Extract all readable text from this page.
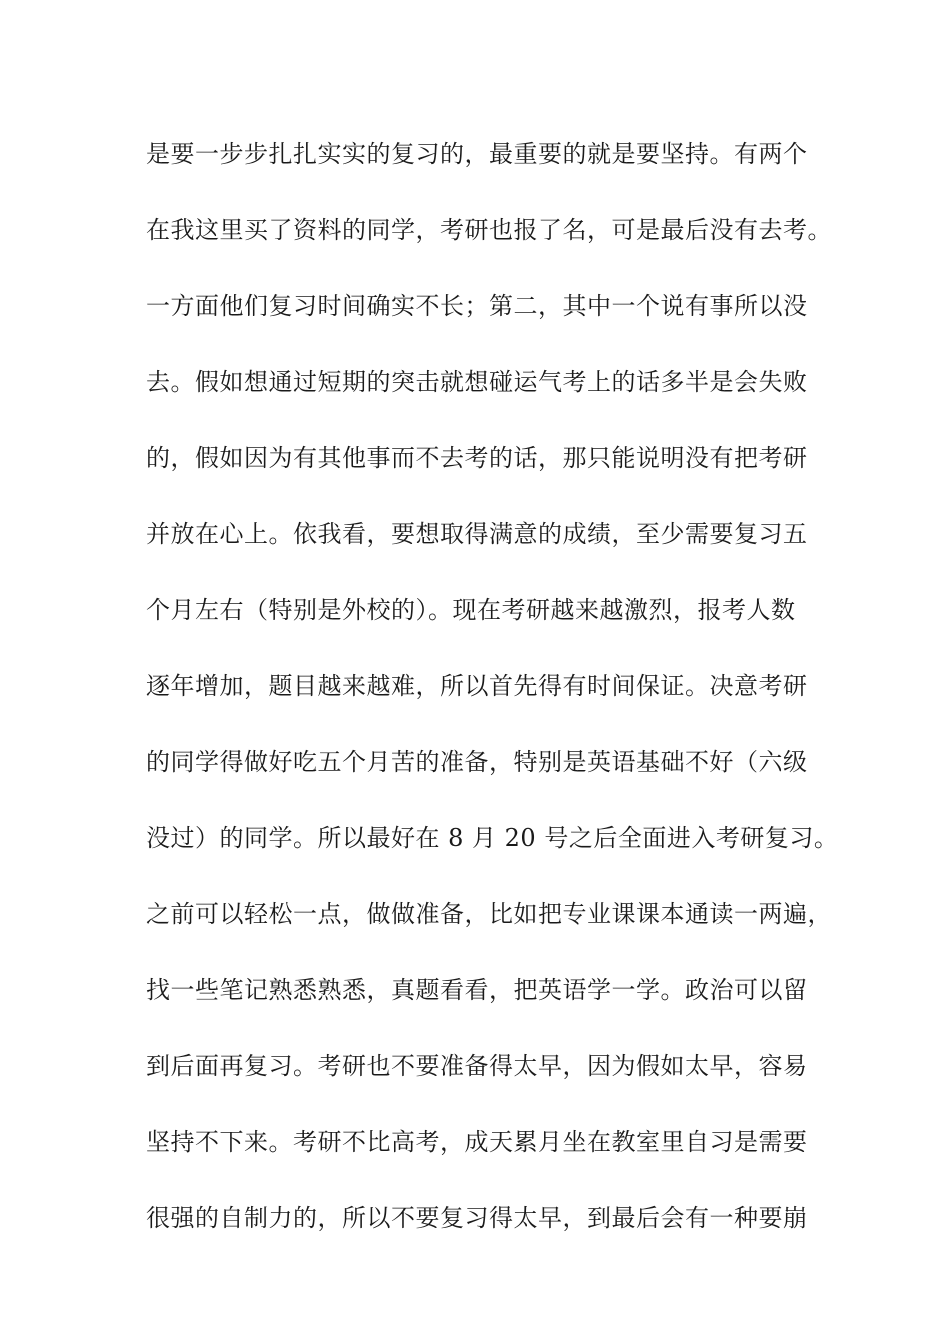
是要一步步扎扎实实的复习的，最重要的就是要坚持。有两个
在我这里买了资料的同学，考研也报了名，可是最后没有去考。
一方面他们复习时间确实不长；第二，其中一个说有事所以没
去。假如想通过短期的突击就想碰运气考上的话多半是会失败
的，假如因为有其他事而不去考的话，那只能说明没有把考研
并放在心上。依我看，要想取得满意的成绩，至少需要复习五
个月左右（特别是外校的）。现在考研越来越激烈，报考人数
逐年增加，题目越来越难，所以首先得有时间保证。决意考研
的同学得做好吃五个月苦的准备，特别是英语基础不好（六级
没过）的同学。所以最好在 8 月 20 号之后全面进入考研复习。
之前可以轻松一点，做做准备，比如把专业课课本通读一两遍，
找一些笔记熟悉熟悉，真题看看，把英语学一学。政治可以留
到后面再复习。考研也不要准备得太早，因为假如太早，容易
坚持不下来。考研不比高考，成天累月坐在教室里自习是需要
很强的自制力的，所以不要复习得太早，到最后会有一种要崩
